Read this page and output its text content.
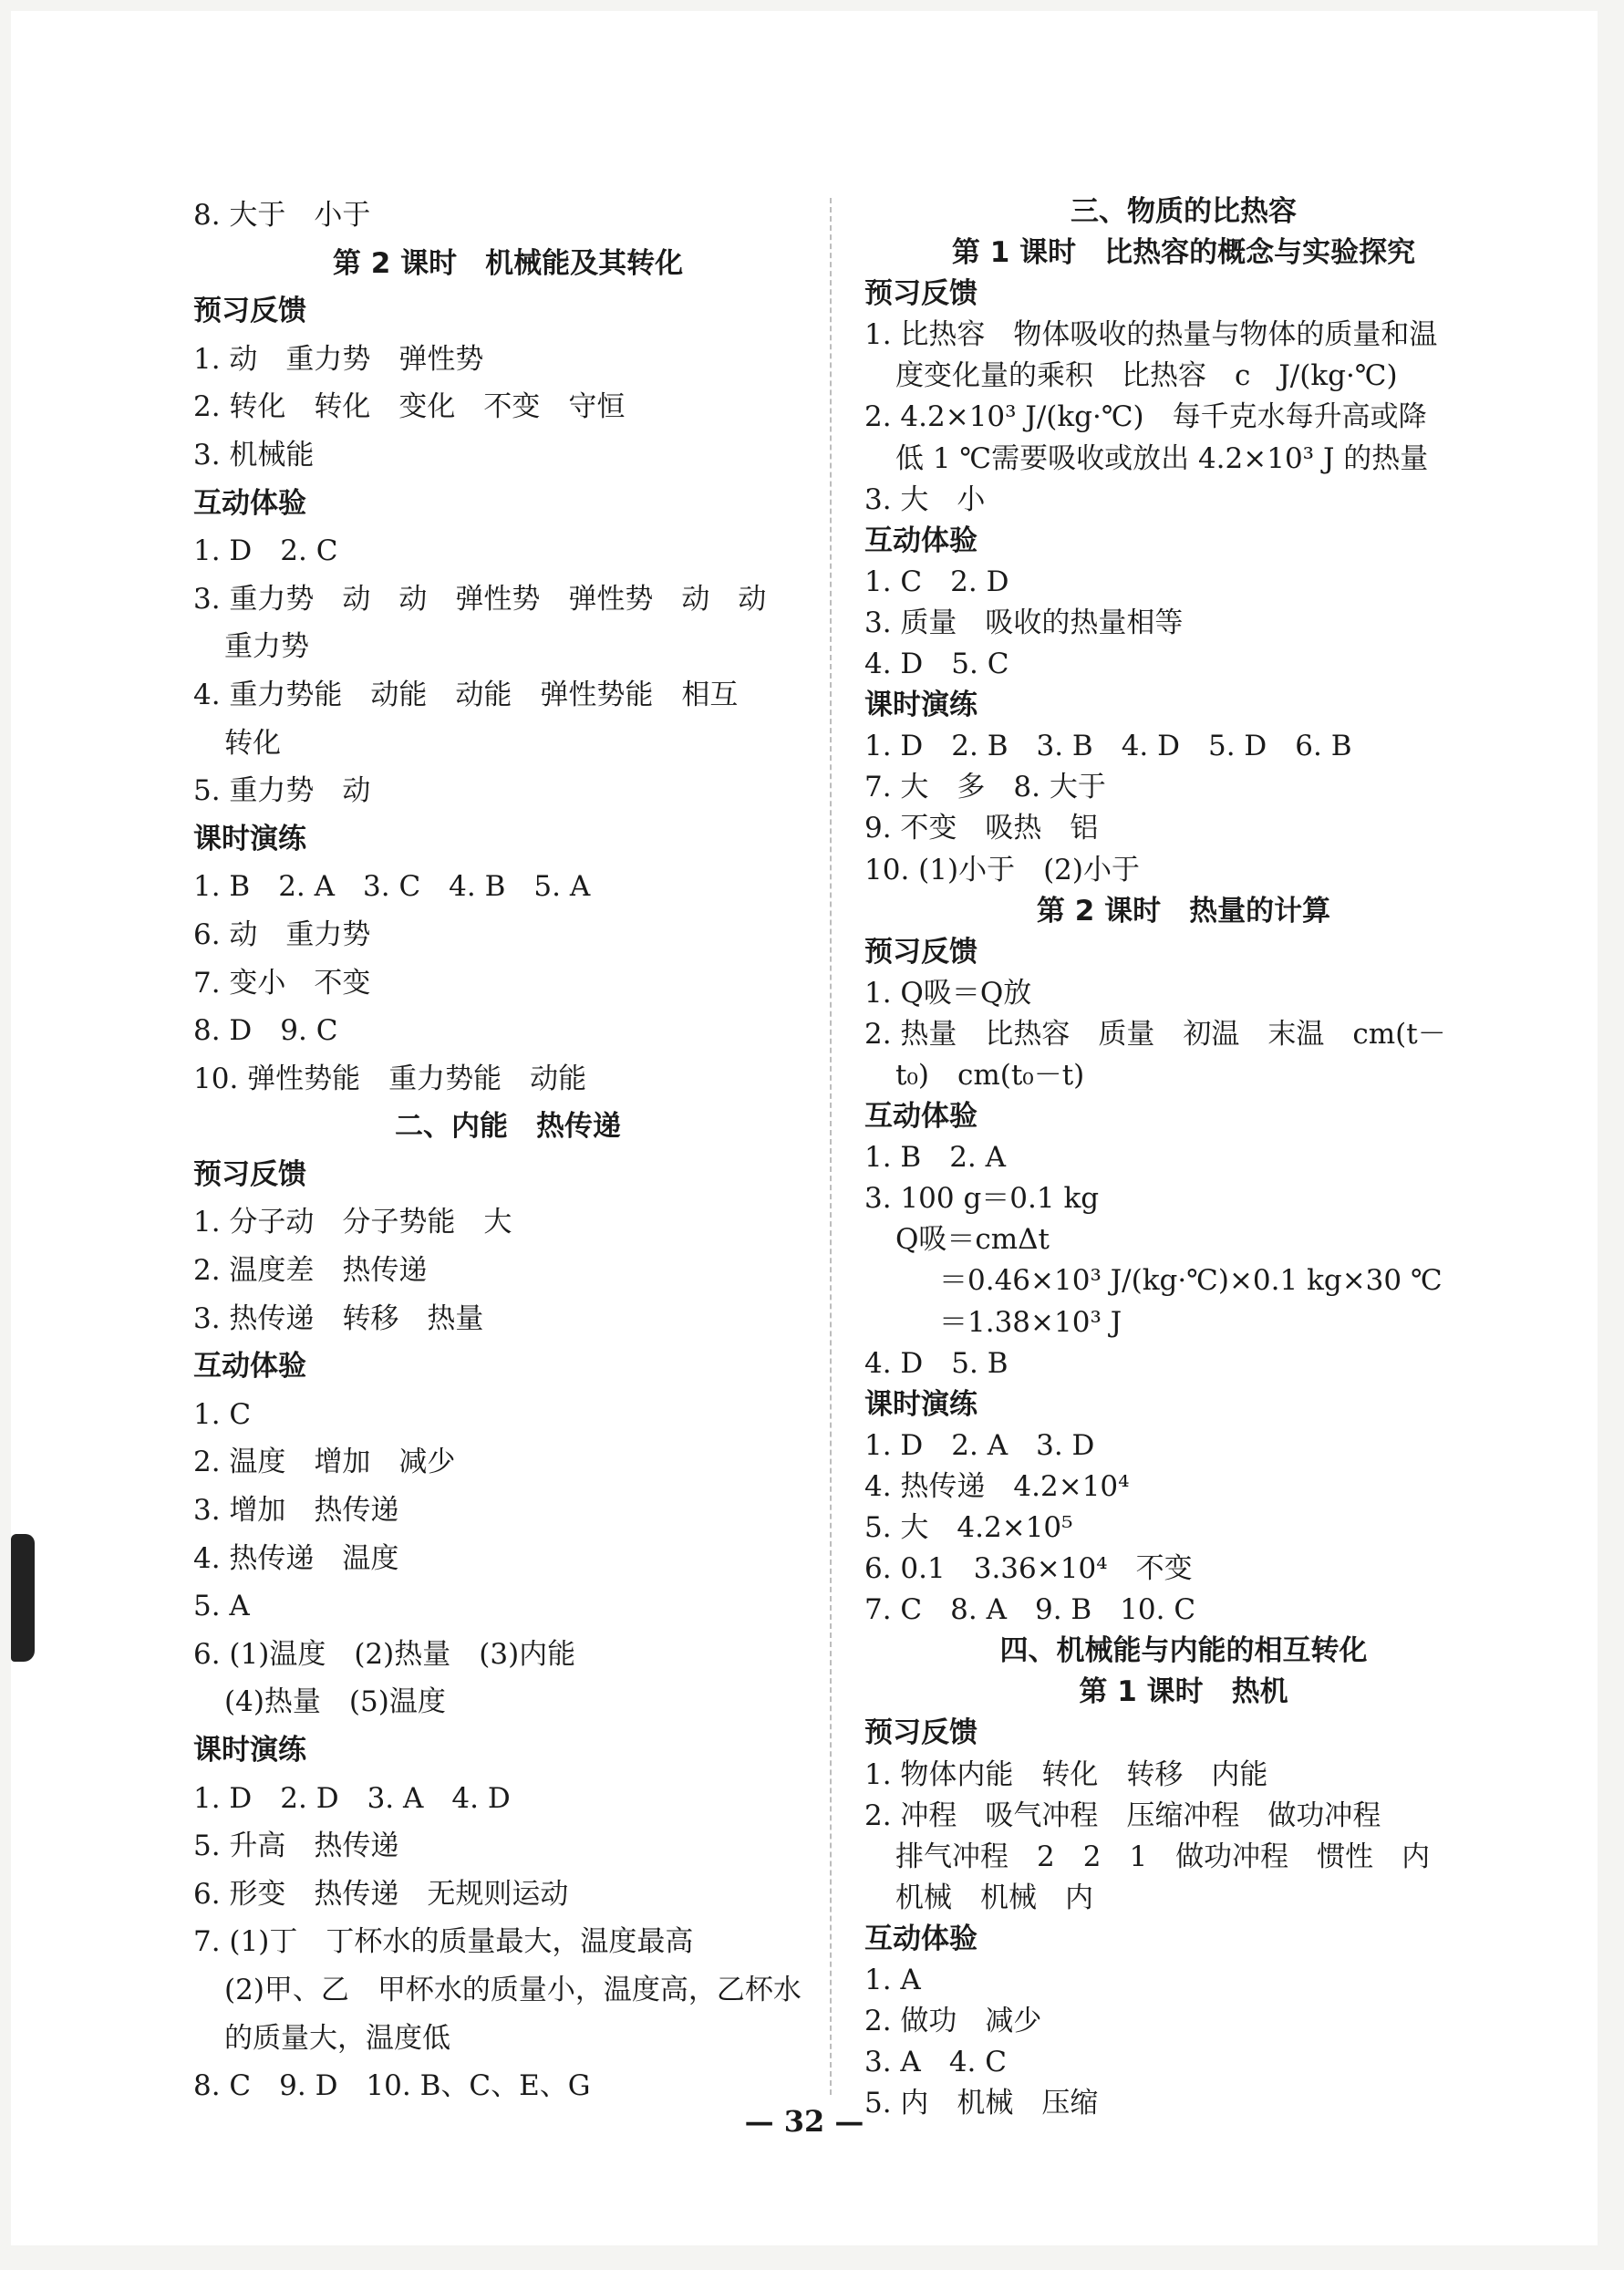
8. 大于　小于
第 2 课时　机械能及其转化
预习反馈
1. 动　重力势　弹性势
2. 转化　转化　变化　不变　守恒
3. 机械能
互动体验
1. D　2. C
3. 重力势　动　动　弹性势　弹性势　动　动
重力势
4. 重力势能　动能　动能　弹性势能　相互
转化
5. 重力势　动
课时演练
1. B　2. A　3. C　4. B　5. A
6. 动　重力势
7. 变小　不变
8. D　9. C
10. 弹性势能　重力势能　动能
二、内能　热传递
预习反馈
1. 分子动　分子势能　大
2. 温度差　热传递
3. 热传递　转移　热量
互动体验
1. C
2. 温度　增加　减少
3. 增加　热传递
4. 热传递　温度
5. A
6. (1)温度　(2)热量　(3)内能
(4)热量　(5)温度
课时演练
1. D　2. D　3. A　4. D
5. 升高　热传递
6. 形变　热传递　无规则运动
7. (1)丁　丁杯水的质量最大，温度最高
(2)甲、乙　甲杯水的质量小，温度高，乙杯水
的质量大，温度低
8. C　9. D　10. B、C、E、G
三、物质的比热容
第 1 课时　比热容的概念与实验探究
预习反馈
1. 比热容　物体吸收的热量与物体的质量和温
度变化量的乘积　比热容　c　J/(kg·℃)
2. 4.2×10³ J/(kg·℃)　每千克水每升高或降
低 1 ℃需要吸收或放出 4.2×10³ J 的热量
3. 大　小
互动体验
1. C　2. D
3. 质量　吸收的热量相等
4. D　5. C
课时演练
1. D　2. B　3. B　4. D　5. D　6. B
7. 大　多　8. 大于
9. 不变　吸热　铝
10. (1)小于　(2)小于
第 2 课时　热量的计算
预习反馈
1. Q吸＝Q放
2. 热量　比热容　质量　初温　末温　cm(t－
t₀)　cm(t₀－t)
互动体验
1. B　2. A
3. 100 g＝0.1 kg
Q吸＝cmΔt
＝0.46×10³ J/(kg·℃)×0.1 kg×30 ℃
＝1.38×10³ J
4. D　5. B
课时演练
1. D　2. A　3. D
4. 热传递　4.2×10⁴
5. 大　4.2×10⁵
6. 0.1　3.36×10⁴　不变
7. C　8. A　9. B　10. C
四、机械能与内能的相互转化
第 1 课时　热机
预习反馈
1. 物体内能　转化　转移　内能
2. 冲程　吸气冲程　压缩冲程　做功冲程
排气冲程　2　2　1　做功冲程　惯性　内
机械　机械　内
互动体验
1. A
2. 做功　减少
3. A　4. C
5. 内　机械　压缩
— 32 —
